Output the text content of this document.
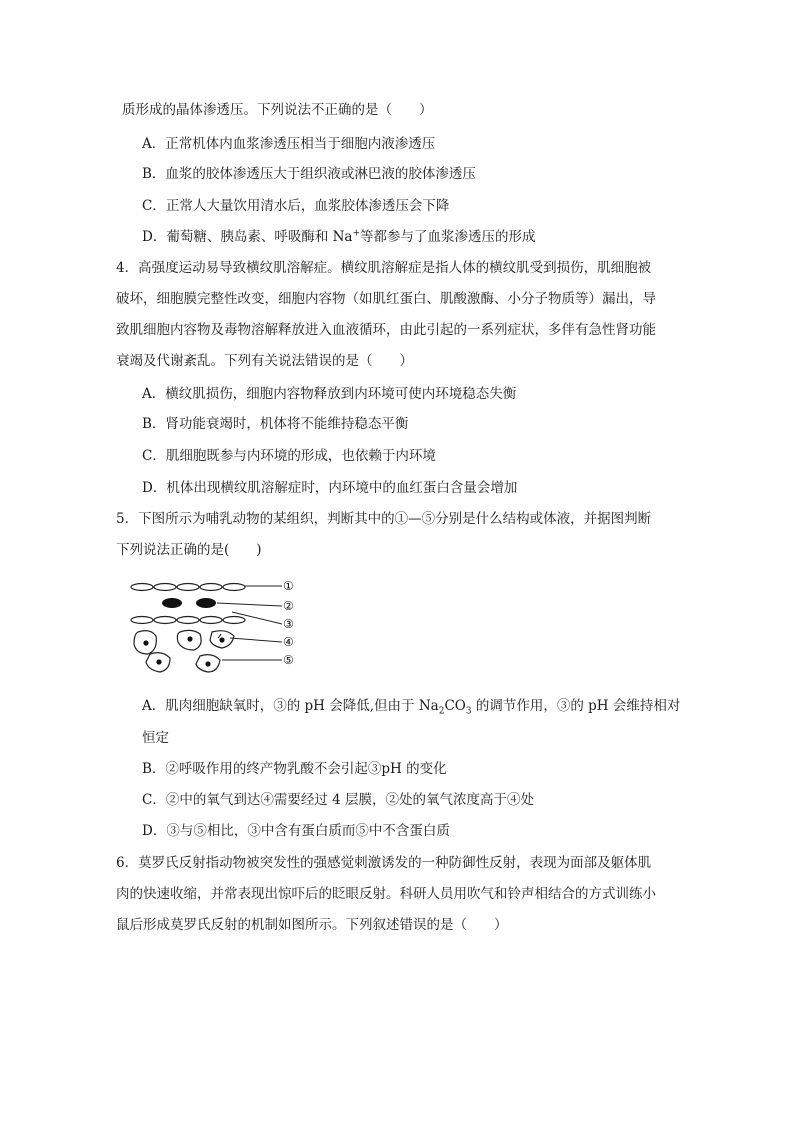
质形成的晶体渗透压。下列说法不正确的是（　　）
A．正常机体内血浆渗透压相当于细胞内液渗透压
B．血浆的胶体渗透压大于组织液或淋巴液的胶体渗透压
C．正常人大量饮用清水后，血浆胶体渗透压会下降
D．葡萄糖、胰岛素、呼吸酶和 Na+等都参与了血浆渗透压的形成
4．高强度运动易导致横纹肌溶解症。横纹肌溶解症是指人体的横纹肌受到损伤，肌细胞被
破坏，细胞膜完整性改变，细胞内容物（如肌红蛋白、肌酸激酶、小分子物质等）漏出，导
致肌细胞内容物及毒物溶解释放进入血液循环，由此引起的一系列症状，多伴有急性肾功能
衰竭及代谢紊乱。下列有关说法错误的是（　　）
A．横纹肌损伤，细胞内容物释放到内环境可使内环境稳态失衡
B．肾功能衰竭时，机体将不能维持稳态平衡
C．肌细胞既参与内环境的形成，也依赖于内环境
D．机体出现横纹肌溶解症时，内环境中的血红蛋白含量会增加
5．下图所示为哺乳动物的某组织，判断其中的①—⑤分别是什么结构或体液，并据图判断
下列说法正确的是(　　)
①
②
③
④
⑤
A．肌肉细胞缺氧时，③的 pH 会降低,但由于 $Na_2CO_3$ 的调节作用，③的 pH 会维持相对
恒定
B．②呼吸作用的终产物乳酸不会引起③pH 的变化
C．②中的氧气到达④需要经过 4 层膜，②处的氧气浓度高于④处
D．③与⑤相比，③中含有蛋白质而⑤中不含蛋白质
6．莫罗氏反射指动物被突发性的强感觉刺激诱发的一种防御性反射，表现为面部及躯体肌
肉的快速收缩，并常表现出惊吓后的眨眼反射。科研人员用吹气和铃声相结合的方式训练小
鼠后形成莫罗氏反射的机制如图所示。下列叙述错误的是（　　）
